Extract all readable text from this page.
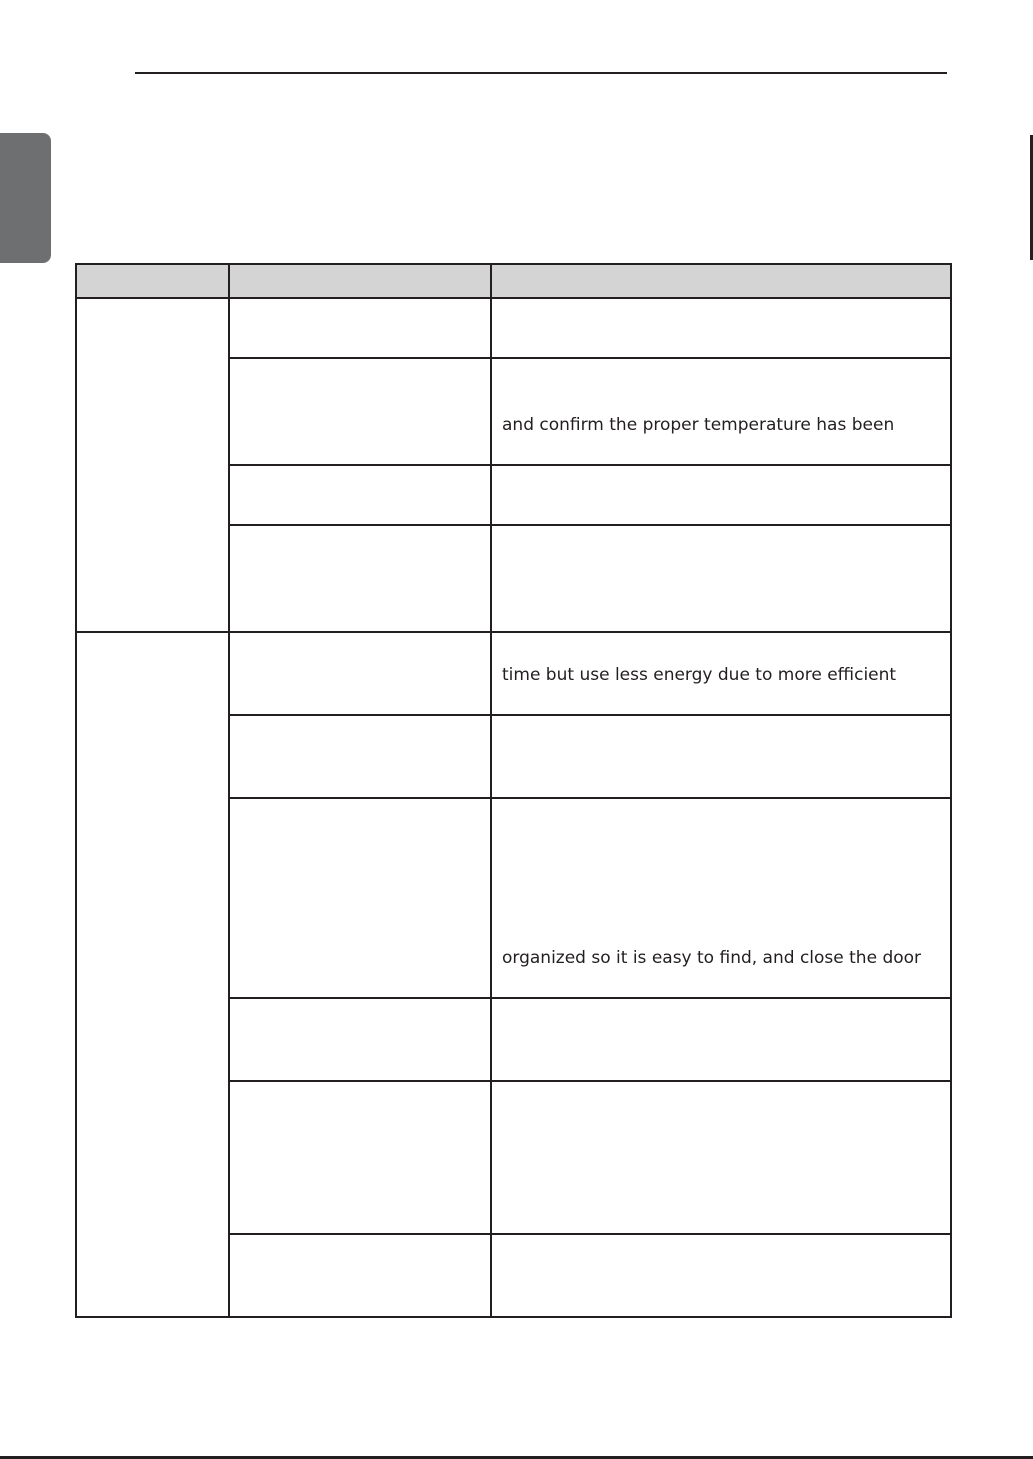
		and confirm the proper temperature has been

		time but use less energy due to more efficient

		organized so it is easy to find, and close the door
